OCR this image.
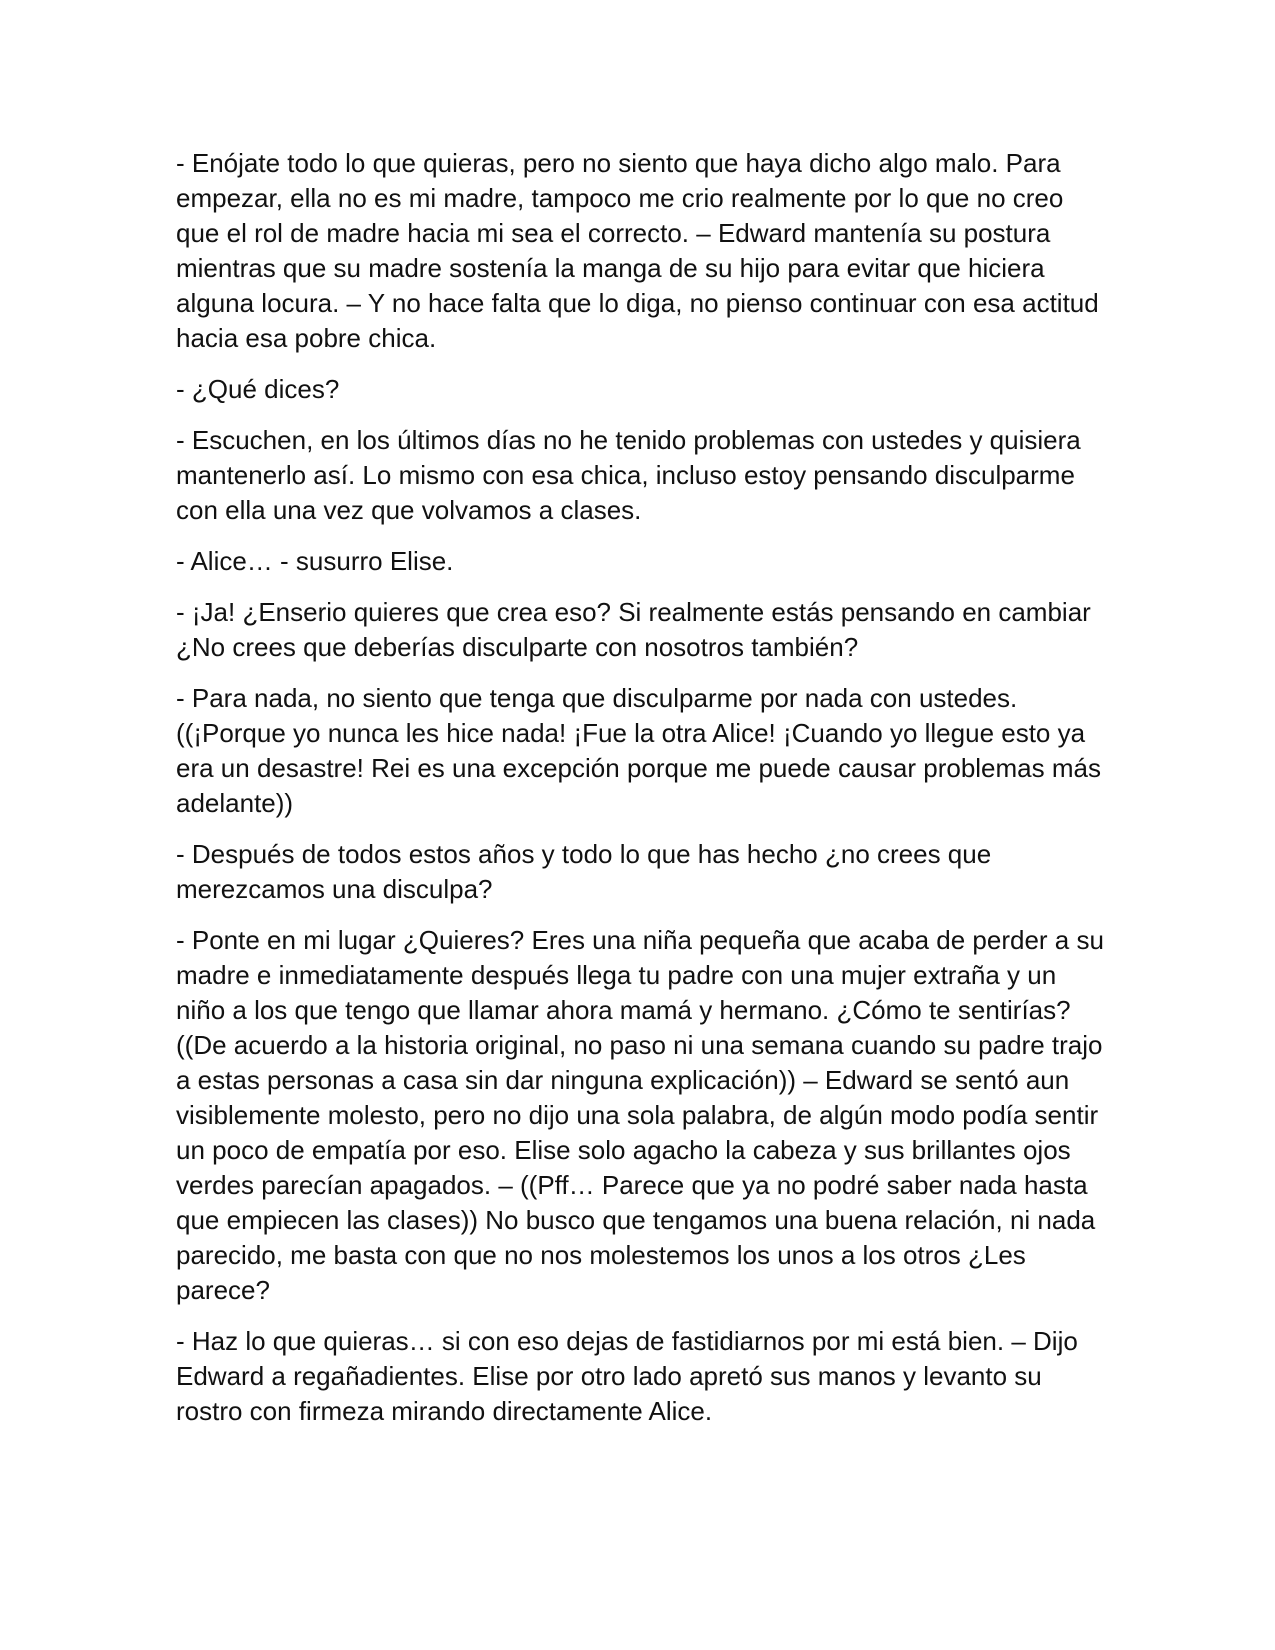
- Enójate todo lo que quieras, pero no siento que haya dicho algo malo. Para empezar, ella no es mi madre, tampoco me crio realmente por lo que no creo que el rol de madre hacia mi sea el correcto. – Edward mantenía su postura mientras que su madre sostenía la manga de su hijo para evitar que hiciera alguna locura. – Y no hace falta que lo diga, no pienso continuar con esa actitud hacia esa pobre chica.

- ¿Qué dices?

- Escuchen, en los últimos días no he tenido problemas con ustedes y quisiera mantenerlo así. Lo mismo con esa chica, incluso estoy pensando disculparme con ella una vez que volvamos a clases.

- Alice… - susurro Elise.

- ¡Ja! ¿Enserio quieres que crea eso? Si realmente estás pensando en cambiar ¿No crees que deberías disculparte con nosotros también?

- Para nada, no siento que tenga que disculparme por nada con ustedes. ((¡Porque yo nunca les hice nada! ¡Fue la otra Alice! ¡Cuando yo llegue esto ya era un desastre! Rei es una excepción porque me puede causar problemas más adelante))

- Después de todos estos años y todo lo que has hecho ¿no crees que merezcamos una disculpa?

- Ponte en mi lugar ¿Quieres? Eres una niña pequeña que acaba de perder a su madre e inmediatamente después llega tu padre con una mujer extraña y un niño a los que tengo que llamar ahora mamá y hermano. ¿Cómo te sentirías? ((De acuerdo a la historia original, no paso ni una semana cuando su padre trajo a estas personas a casa sin dar ninguna explicación)) – Edward se sentó aun visiblemente molesto, pero no dijo una sola palabra, de algún modo podía sentir un poco de empatía por eso. Elise solo agacho la cabeza y sus brillantes ojos verdes parecían apagados. – ((Pff… Parece que ya no podré saber nada hasta que empiecen las clases)) No busco que tengamos una buena relación, ni nada parecido, me basta con que no nos molestemos los unos a los otros ¿Les parece?

- Haz lo que quieras… si con eso dejas de fastidiarnos por mi está bien. – Dijo Edward a regañadientes. Elise por otro lado apretó sus manos y levanto su rostro con firmeza mirando directamente Alice.
